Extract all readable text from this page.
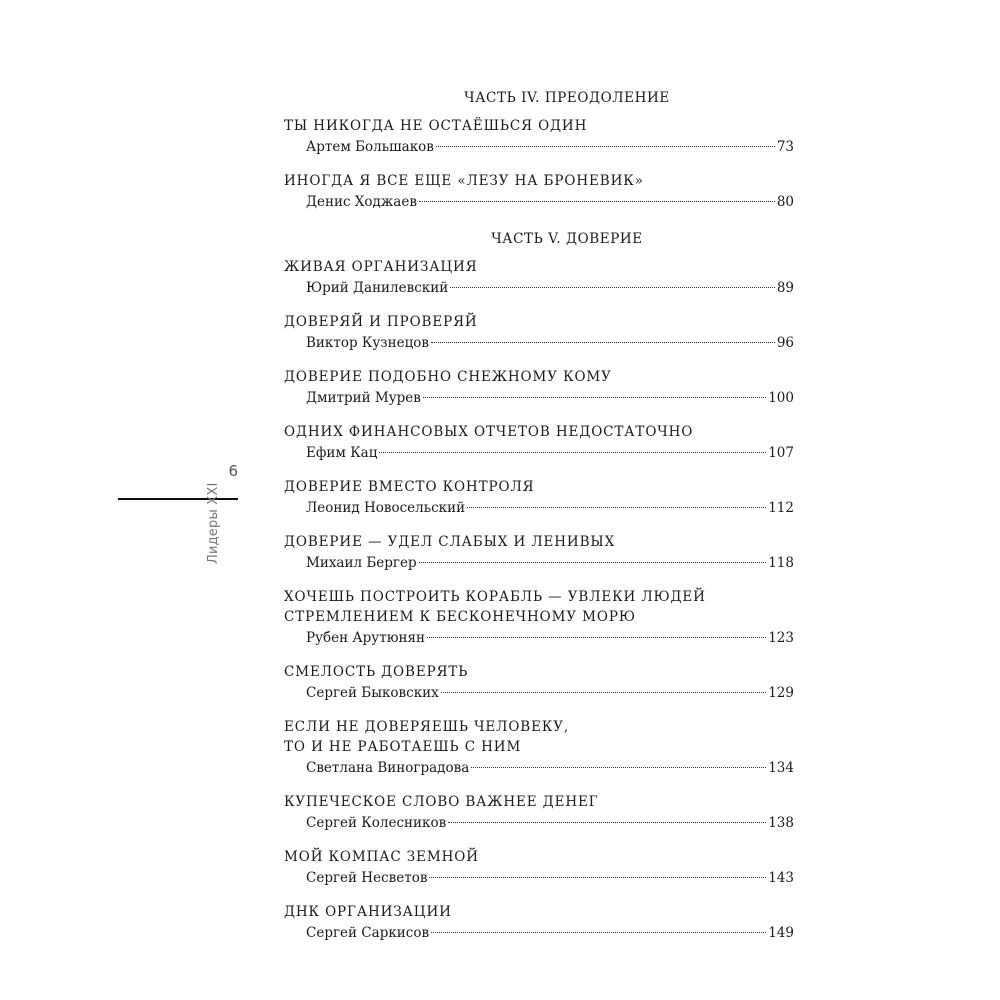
6
Лидеры XXI
ЧАСТЬ IV. ПРЕОДОЛЕНИЕ
ТЫ НИКОГДА НЕ ОСТАЁШЬСЯ ОДИН
Артем Большаков	73
ИНОГДА Я ВСЕ ЕЩЕ «ЛЕЗУ НА БРОНЕВИК»
Денис Ходжаев	80
ЧАСТЬ V. ДОВЕРИЕ
ЖИВАЯ ОРГАНИЗАЦИЯ
Юрий Данилевский	89
ДОВЕРЯЙ И ПРОВЕРЯЙ
Виктор Кузнецов	96
ДОВЕРИЕ ПОДОБНО СНЕЖНОМУ КОМУ
Дмитрий Мурев	100
ОДНИХ ФИНАНСОВЫХ ОТЧЕТОВ НЕДОСТАТОЧНО
Ефим Кац	107
ДОВЕРИЕ ВМЕСТО КОНТРОЛЯ
Леонид Новосельский	112
ДОВЕРИЕ — УДЕЛ СЛАБЫХ И ЛЕНИВЫХ
Михаил Бергер	118
ХОЧЕШЬ ПОСТРОИТЬ КОРАБЛЬ — УВЛЕКИ ЛЮДЕЙ
СТРЕМЛЕНИЕМ К БЕСКОНЕЧНОМУ МОРЮ
Рубен Арутюнян	123
СМЕЛОСТЬ ДОВЕРЯТЬ
Сергей Быковских	129
ЕСЛИ НЕ ДОВЕРЯЕШЬ ЧЕЛОВЕКУ,
ТО И НЕ РАБОТАЕШЬ С НИМ
Светлана Виноградова	134
КУПЕЧЕСКОЕ СЛОВО ВАЖНЕЕ ДЕНЕГ
Сергей Колесников	138
МОЙ КОМПАС ЗЕМНОЙ
Сергей Несветов	143
ДНК ОРГАНИЗАЦИИ
Сергей Саркисов	149
